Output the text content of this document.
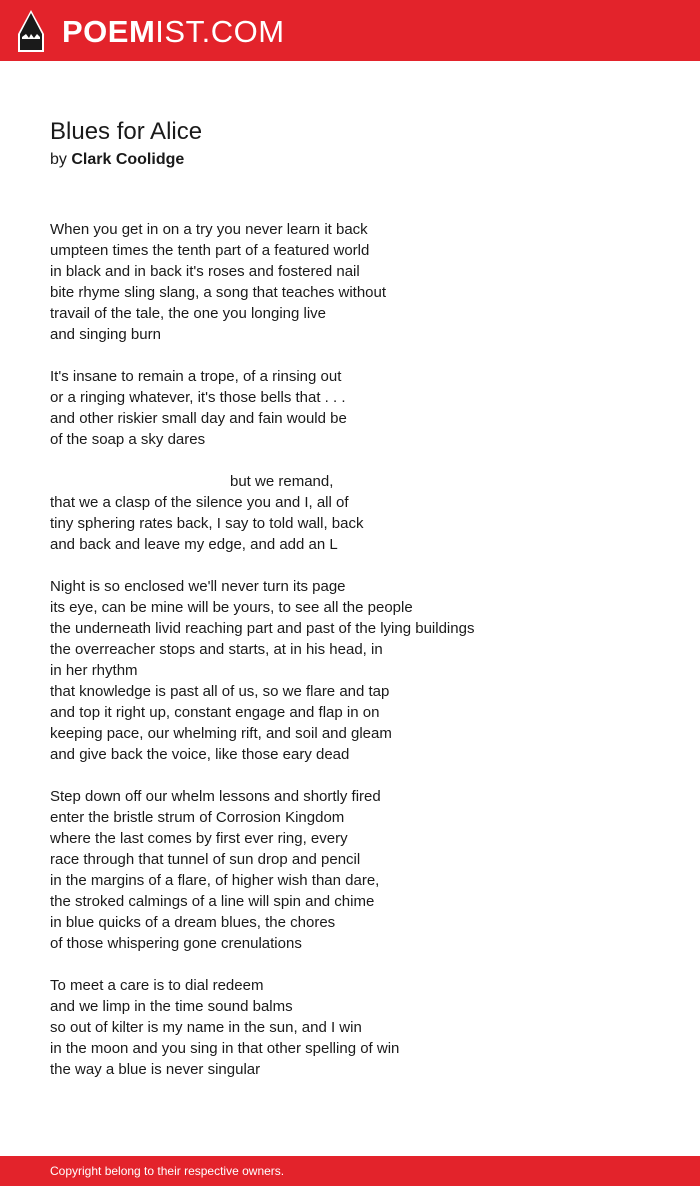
POEMIST.COM
Blues for Alice
by Clark Coolidge
When you get in on a try you never learn it back
umpteen times the tenth part of a featured world
in black and in back it's roses and fostered nail
bite rhyme sling slang, a song that teaches without
travail of the tale, the one you longing live
and singing burn
It's insane to remain a trope, of a rinsing out
or a ringing whatever, it's those bells that . . .
and other riskier small day and fain would be
of the soap a sky dares
but we remand,
that we a clasp of the silence you and I, all of
tiny sphering rates back, I say to told wall, back
and back and leave my edge, and add an L
Night is so enclosed we'll never turn its page
its eye, can be mine will be yours, to see all the people
the underneath livid reaching part and past of the lying buildings
the overreacher stops and starts, at in his head, in
in her rhythm
that knowledge is past all of us, so we flare and tap
and top it right up, constant engage and flap in on
keeping pace, our whelming rift, and soil and gleam
and give back the voice, like those eary dead
Step down off our whelm lessons and shortly fired
enter the bristle strum of Corrosion Kingdom
where the last comes by first ever ring, every
race through that tunnel of sun drop and pencil
in the margins of a flare, of higher wish than dare,
the stroked calmings of a line will spin and chime
in blue quicks of a dream blues, the chores
of those whispering gone crenulations
To meet a care is to dial redeem
and we limp in the time sound balms
so out of kilter is my name in the sun, and I win
in the moon and you sing in that other spelling of win
the way a blue is never singular
Copyright belong to their respective owners.
